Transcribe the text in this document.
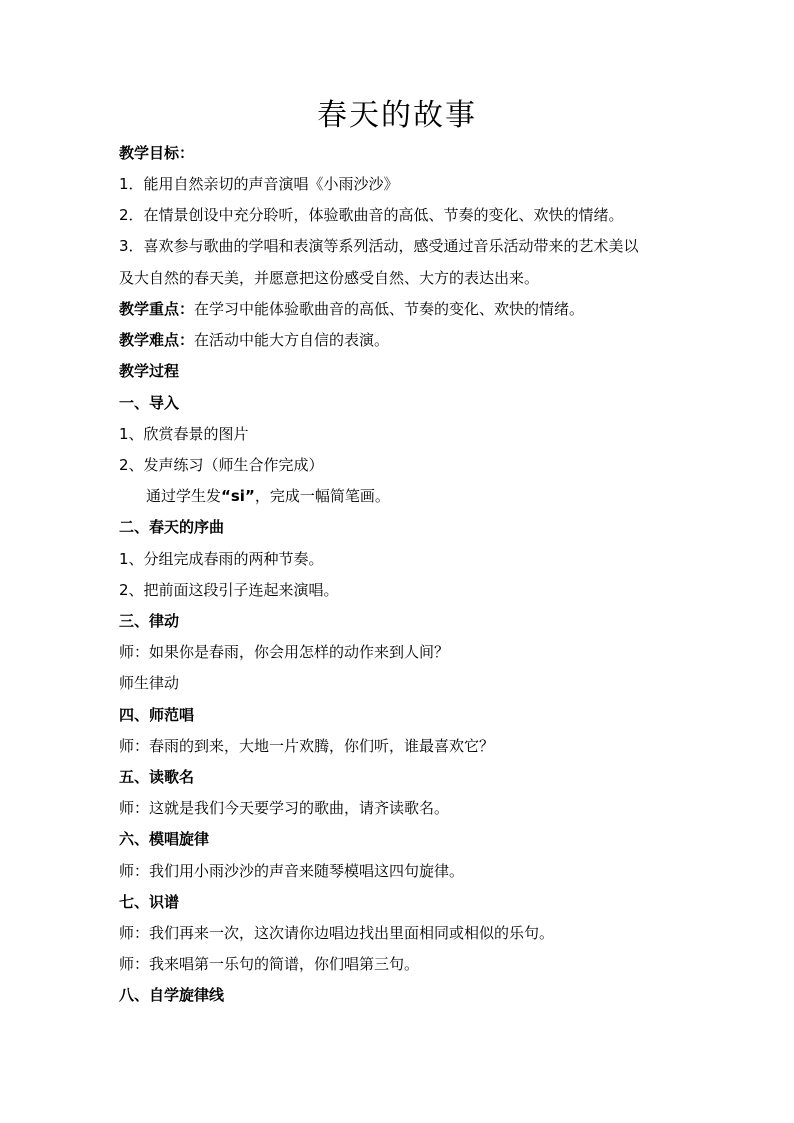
春天的故事
教学目标：
1．能用自然亲切的声音演唱《小雨沙沙》
2．在情景创设中充分聆听，体验歌曲音的高低、节奏的变化、欢快的情绪。
3．喜欢参与歌曲的学唱和表演等系列活动，感受通过音乐活动带来的艺术美以
及大自然的春天美，并愿意把这份感受自然、大方的表达出来。
教学重点：在学习中能体验歌曲音的高低、节奏的变化、欢快的情绪。
教学难点：在活动中能大方自信的表演。
教学过程
一、导入
1、欣赏春景的图片
2、发声练习（师生合作完成）
通过学生发“si”，完成一幅简笔画。
二、春天的序曲
1、分组完成春雨的两种节奏。
2、把前面这段引子连起来演唱。
三、律动
师：如果你是春雨，你会用怎样的动作来到人间？
师生律动
四、师范唱
师：春雨的到来，大地一片欢腾，你们听，谁最喜欢它？
五、读歌名
师：这就是我们今天要学习的歌曲，请齐读歌名。
六、模唱旋律
师：我们用小雨沙沙的声音来随琴模唱这四句旋律。
七、识谱
师：我们再来一次，这次请你边唱边找出里面相同或相似的乐句。
师：我来唱第一乐句的简谱，你们唱第三句。
八、自学旋律线
